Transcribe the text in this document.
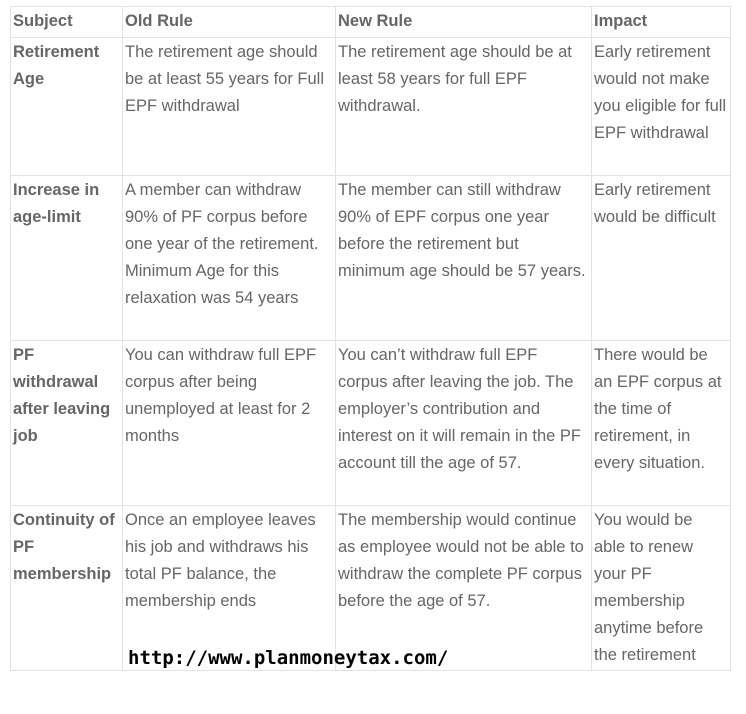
Subject	Old Rule	New Rule	Impact
Retirement Age	The retirement age should be at least 55 years for Full EPF withdrawal	The retirement age should be at least 58 years for full EPF withdrawal.	Early retirement would not make you eligible for full EPF withdrawal
Increase in age-limit	A member can withdraw 90% of PF corpus before one year of the retirement. Minimum Age for this relaxation was 54 years	The member can still withdraw 90% of EPF corpus one year before the retirement but minimum age should be 57 years.	Early retirement would be difficult
PF withdrawal after leaving job	You can withdraw full EPF corpus after being unemployed at least for 2 months	You can’t withdraw full EPF corpus after leaving the job. The employer’s contribution and interest on it will remain in the PF account till the age of 57.	There would be an EPF corpus at the time of retirement, in every situation.
Continuity of PF membership	Once an employee leaves his job and withdraws his total PF balance, the membership ends	The membership would continue as employee would not be able to withdraw the complete PF corpus before the age of 57.	You would be able to renew your PF membership anytime before the retirement
http://www.planmoneytax.com/
